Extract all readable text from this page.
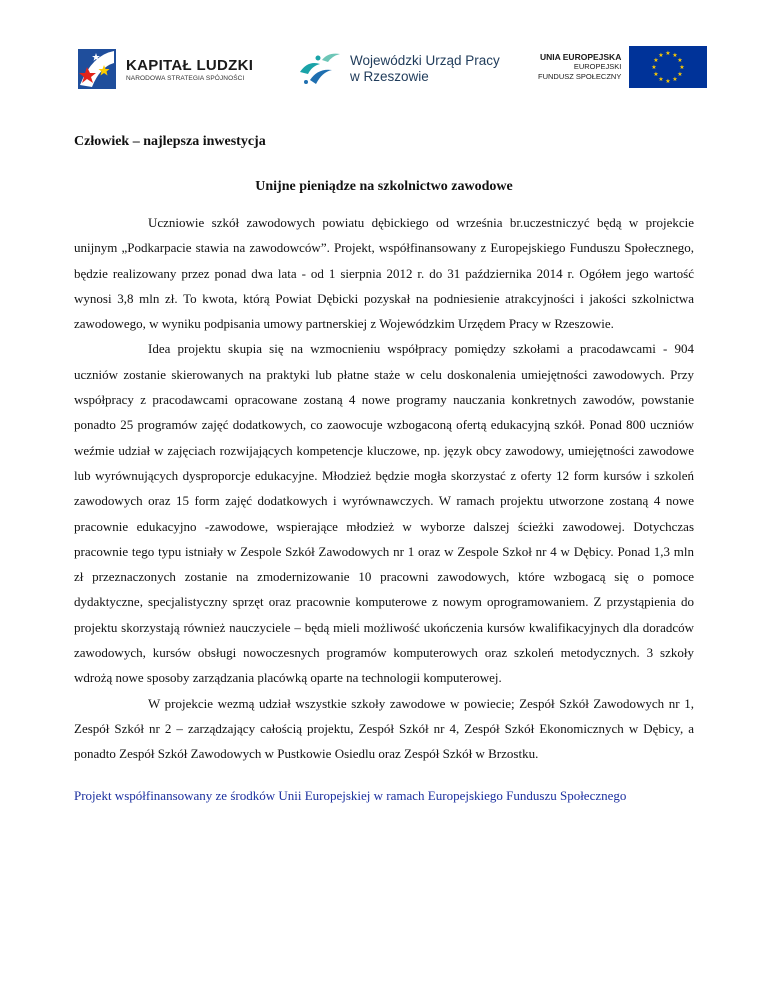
KAPITAŁ LUDZKI
NARODOWA STRATEGIA SPÓJNOŚCI
Wojewódzki Urząd Pracy
w Rzeszowie
UNIA EUROPEJSKA
EUROPEJSKI
FUNDUSZ SPOŁECZNY
★ ★
★
★
★
★
★
★
★
★
★
★
Człowiek – najlepsza inwestycja
Unijne pieniądze na szkolnictwo zawodowe

Uczniowie szkół zawodowych powiatu dębickiego od września br.uczestniczyć będą w projekcie unijnym „Podkarpacie stawia na zawodowców”. Projekt, współfinansowany z Europejskiego Funduszu Społecznego, będzie realizowany przez ponad dwa lata - od 1 sierpnia 2012 r. do 31 października 2014 r. Ogółem jego wartość wynosi 3,8 mln zł. To kwota, którą Powiat Dębicki pozyskał na podniesienie atrakcyjności i jakości szkolnictwa zawodowego, w wyniku podpisania umowy partnerskiej z Wojewódzkim Urzędem Pracy w Rzeszowie.

Idea projektu skupia się na wzmocnieniu współpracy pomiędzy szkołami a pracodawcami - 904 uczniów zostanie skierowanych na praktyki lub płatne staże w celu doskonalenia umiejętności zawodowych. Przy współpracy z pracodawcami opracowane zostaną 4 nowe programy nauczania konkretnych zawodów, powstanie ponadto 25 programów zajęć dodatkowych, co zaowocuje wzbogaconą ofertą edukacyjną szkół. Ponad 800 uczniów weźmie udział w zajęciach rozwijających kompetencje kluczowe, np. język obcy zawodowy, umiejętności zawodowe lub wyrównujących dysproporcje edukacyjne. Młodzież będzie mogła skorzystać z oferty 12 form kursów i szkoleń zawodowych oraz 15 form zajęć dodatkowych i wyrównawczych. W ramach projektu utworzone zostaną 4 nowe pracownie edukacyjno -zawodowe, wspierające młodzież w wyborze dalszej ścieżki zawodowej. Dotychczas pracownie tego typu istniały w Zespole Szkół Zawodowych nr 1 oraz w Zespole Szkoł nr 4 w Dębicy. Ponad 1,3 mln zł przeznaczonych zostanie na zmodernizowanie 10 pracowni zawodowych, które wzbogacą się o pomoce dydaktyczne, specjalistyczny sprzęt oraz pracownie komputerowe z nowym oprogramowaniem. Z przystąpienia do projektu skorzystają również nauczyciele – będą mieli możliwość ukończenia kursów kwalifikacyjnych dla doradców zawodowych, kursów obsługi nowoczesnych programów komputerowych oraz szkoleń metodycznych. 3 szkoły wdrożą nowe sposoby zarządzania placówką oparte na technologii komputerowej.

W projekcie wezmą udział wszystkie szkoły zawodowe w powiecie; Zespół Szkół Zawodowych nr 1, Zespół Szkół nr 2 – zarządzający całością projektu, Zespół Szkół nr 4, Zespół Szkół Ekonomicznych w Dębicy, a ponadto Zespół Szkół Zawodowych w Pustkowie Osiedlu oraz Zespół Szkół w Brzostku.

Projekt współfinansowany ze środków Unii Europejskiej w ramach Europejskiego Funduszu Społecznego
